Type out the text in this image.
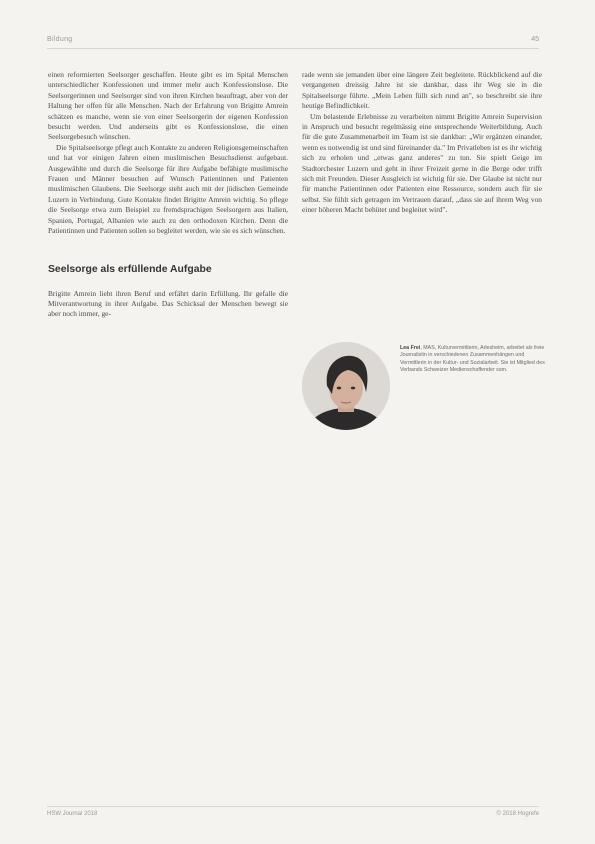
Bildung	45

einen reformierten Seelsorger geschaffen. Heute gibt es im Spital Menschen unterschiedlicher Konfessionen und immer mehr auch Konfessionslose. Die Seelsorgerinnen und Seelsorger sind von ihren Kirchen beauftragt, aber von der Haltung her offen für alle Menschen. Nach der Erfahrung von Brigitte Amrein schätzen es manche, wenn sie von einer Seelsorgerin der eigenen Konfession besucht werden. Und anderseits gibt es Konfessionslose, die einen Seelsorgebesuch wünschen.

Die Spitalseelsorge pflegt auch Kontakte zu anderen Religionsgemeinschaften und hat vor einigen Jahren einen muslimischen Besuchsdienst aufgebaut. Ausgewählte und durch die Seelsorge für ihre Aufgabe befähigte muslimische Frauen und Männer besuchen auf Wunsch Patientinnen und Patienten muslimischen Glaubens. Die Seelsorge steht auch mit der jüdischen Gemeinde Luzern in Verbindung. Gute Kontakte findet Brigitte Amrein wichtig. So pflege die Seelsorge etwa zum Beispiel zu fremdsprachigen Seelsorgern aus Italien, Spanien, Portugal, Albanien wie auch zu den orthodoxen Kirchen. Denn die Patientinnen und Patienten sollen so begleitet werden, wie sie es sich wünschen.

Seelsorge als erfüllende Aufgabe

Brigitte Amrein liebt ihren Beruf und erfährt darin Erfüllung. Ihr gefalle die Mitverantwortung in ihrer Aufgabe. Das Schicksal der Menschen bewegt sie aber noch immer, ge-

rade wenn sie jemanden über eine längere Zeit begleitete. Rückblickend auf die vergangenen dreissig Jahre ist sie dankbar, dass ihr Weg sie in die Spitalseelsorge führte. „Mein Leben füllt sich rund an", so beschreibt sie ihre heutige Befindlichkeit.

Um belastende Erlebnisse zu verarbeiten nimmt Brigitte Amrein Supervision in Anspruch und besucht regelmässig eine entsprechende Weiterbildung. Auch für die gute Zusammenarbeit im Team ist sie dankbar: „Wir ergänzen einander, wenn es notwendig ist und sind füreinander da." Im Privatleben ist es ihr wichtig sich zu erholen und „etwas ganz anderes" zu tun. Sie spielt Geige im Stadtorchester Luzern und geht in ihrer Freizeit gerne in die Berge oder trifft sich mit Freunden. Dieser Ausgleich ist wichtig für sie. Der Glaube ist nicht nur für manche Patientinnen oder Patienten eine Ressource, sondern auch für sie selbst. Sie fühlt sich getragen im Vertrauen darauf, „dass sie auf ihrem Weg von einer höheren Macht behütet und begleitet wird".

Lea Frei, MAS, Kulturvermittlerin, Arlesheim, arbeitet als freie Journalistin in verschiedenen Zusammenhängen und Vermittlerin in der Kultur- und Sozialarbeit. Sie ist Mitglied des Verbands Schweizer Medienschaffender ssm.
HSW Journal 2018	© 2018 Hogrefe
